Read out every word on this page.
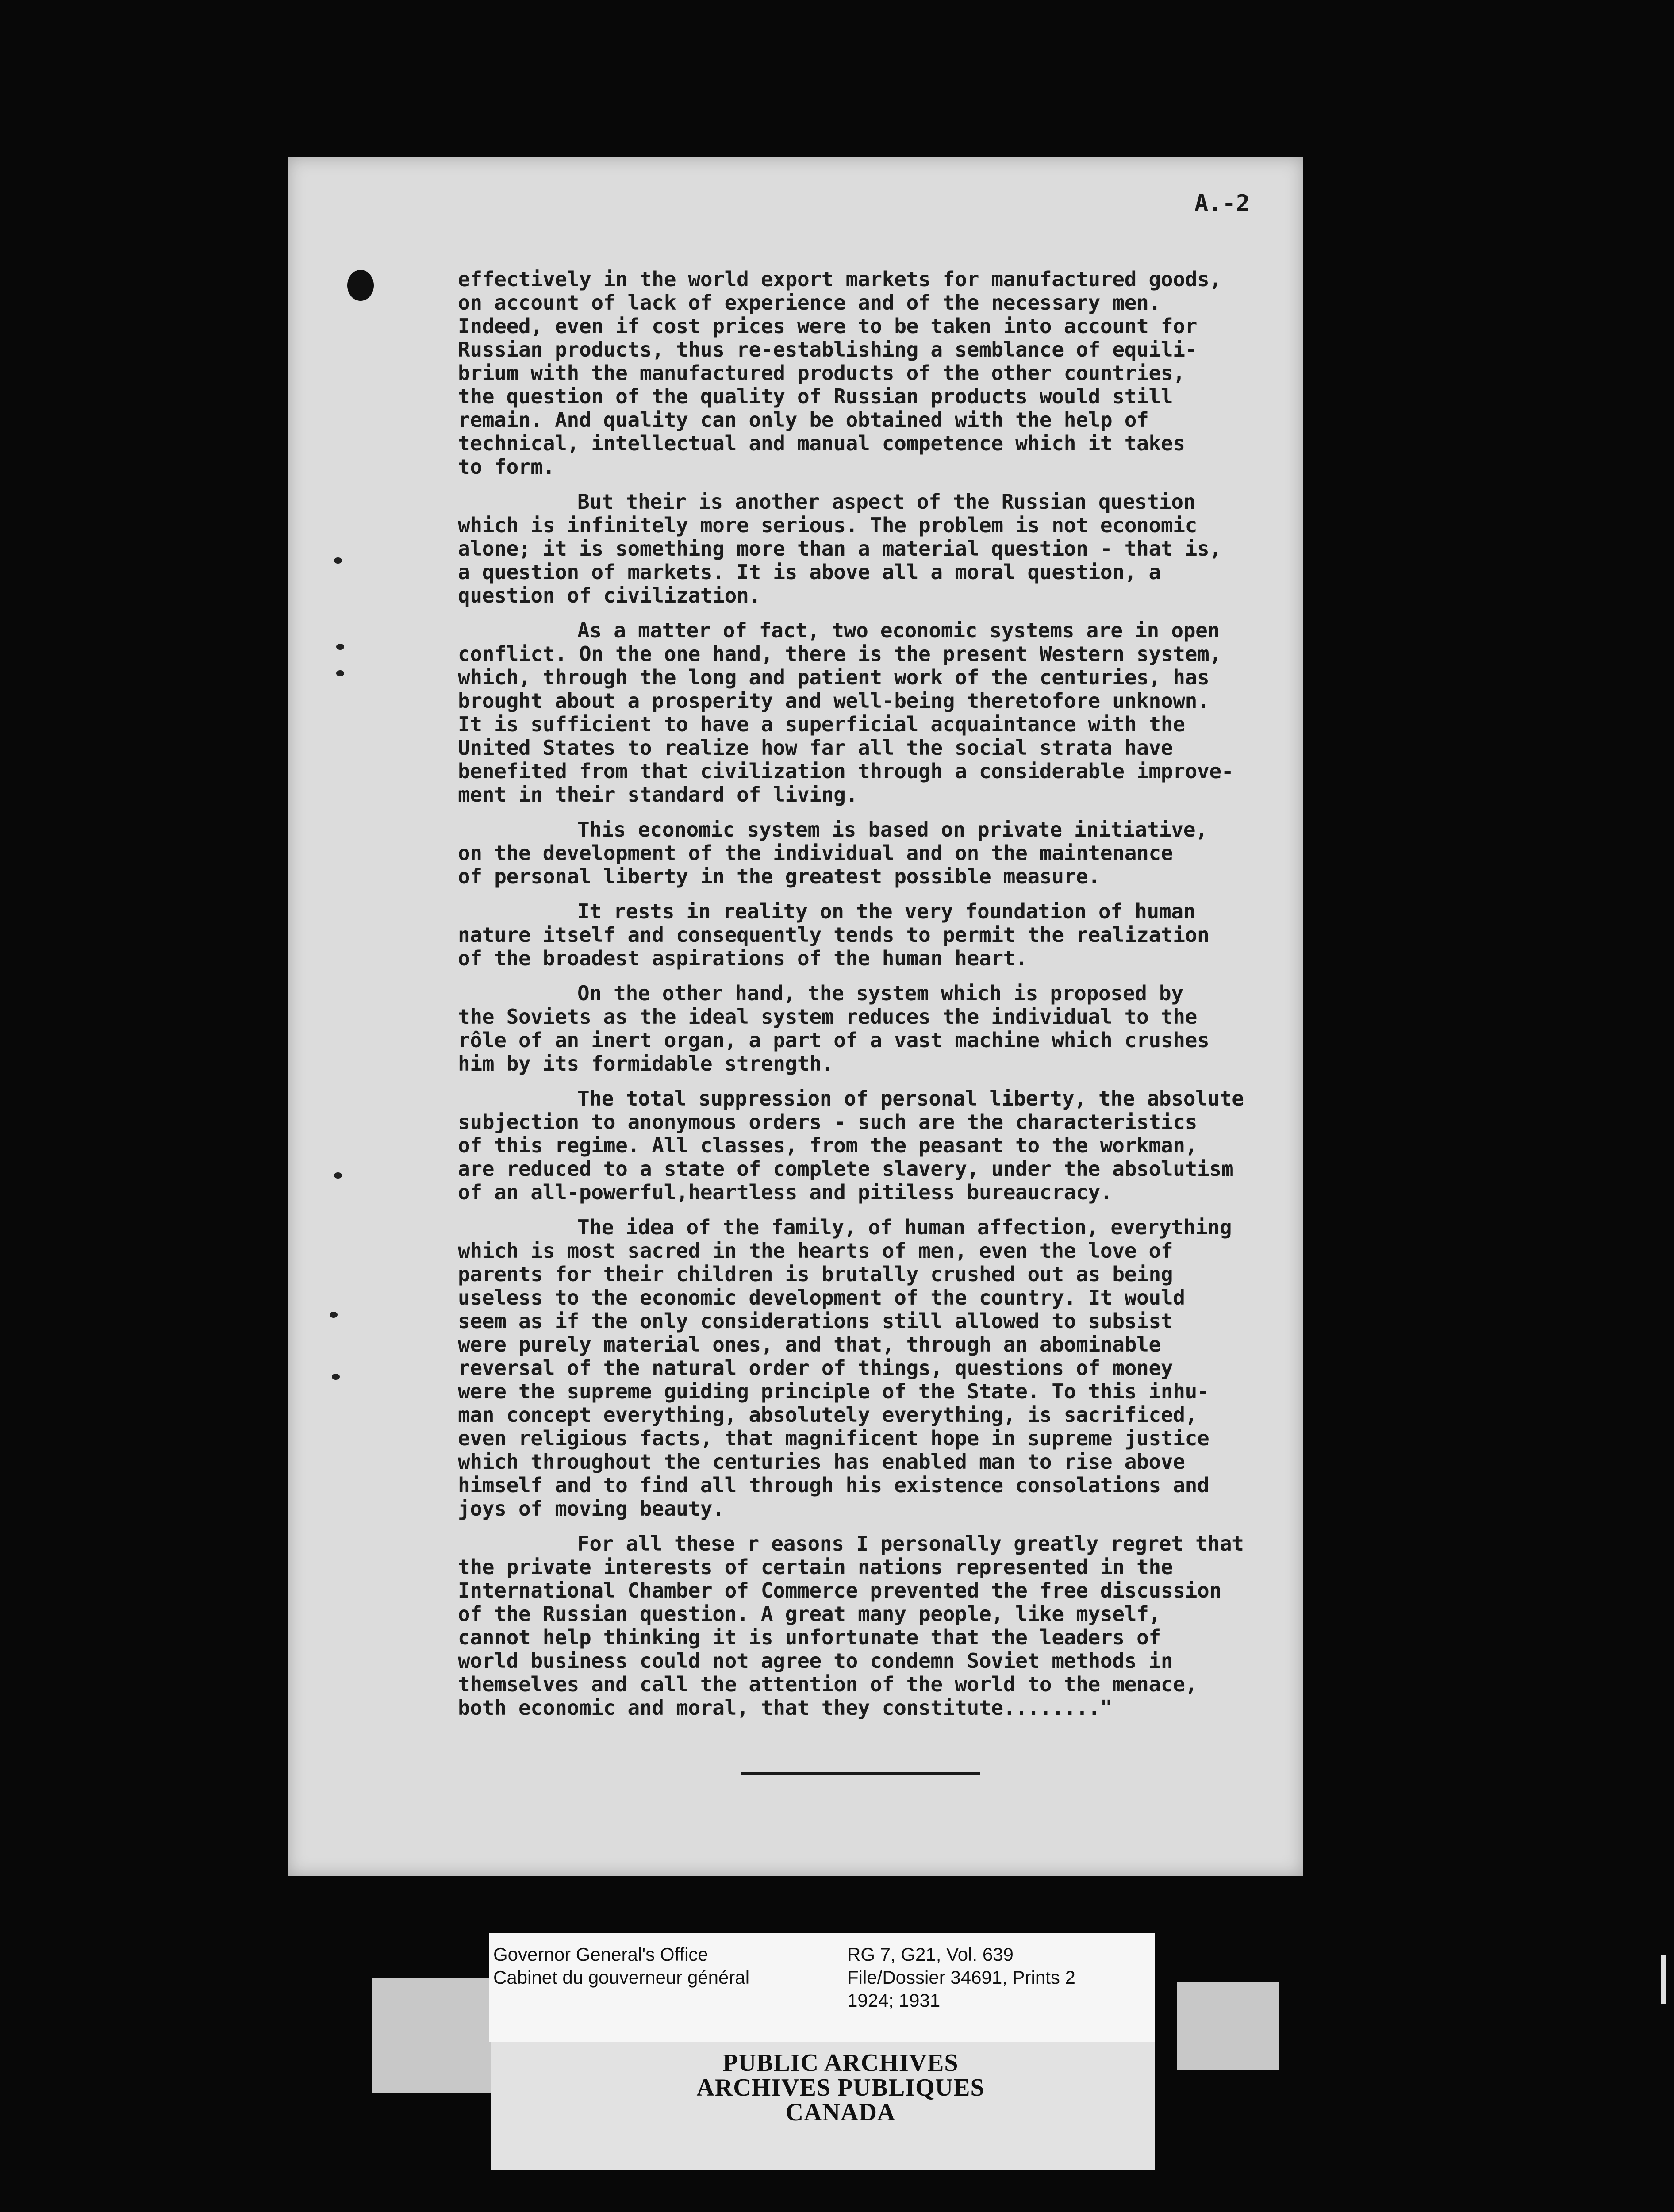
A.-2

effectively in the world export markets for manufactured goods,
on account of lack of experience and of the necessary men.
Indeed, even if cost prices were to be taken into account for
Russian products, thus re-establishing a semblance of equili-
brium with the manufactured products of the other countries,
the question of the quality of Russian products would still
remain. And quality can only be obtained with the help of
technical, intellectual and manual competence which it takes
to form.

But their is another aspect of the Russian question
which is infinitely more serious. The problem is not economic
alone; it is something more than a material question - that is,
a question of markets. It is above all a moral question, a
question of civilization.

As a matter of fact, two economic systems are in open
conflict. On the one hand, there is the present Western system,
which, through the long and patient work of the centuries, has
brought about a prosperity and well-being theretofore unknown.
It is sufficient to have a superficial acquaintance with the
United States to realize how far all the social strata have
benefited from that civilization through a considerable improve-
ment in their standard of living.

This economic system is based on private initiative,
on the development of the individual and on the maintenance
of personal liberty in the greatest possible measure.

It rests in reality on the very foundation of human
nature itself and consequently tends to permit the realization
of the broadest aspirations of the human heart.

On the other hand, the system which is proposed by
the Soviets as the ideal system reduces the individual to the
rôle of an inert organ, a part of a vast machine which crushes
him by its formidable strength.

The total suppression of personal liberty, the absolute
subjection to anonymous orders - such are the characteristics
of this regime. All classes, from the peasant to the workman,
are reduced to a state of complete slavery, under the absolutism
of an all-powerful,heartless and pitiless bureaucracy.

The idea of the family, of human affection, everything
which is most sacred in the hearts of men, even the love of
parents for their children is brutally crushed out as being
useless to the economic development of the country. It would
seem as if the only considerations still allowed to subsist
were purely material ones, and that, through an abominable
reversal of the natural order of things, questions of money
were the supreme guiding principle of the State. To this inhu-
man concept everything, absolutely everything, is sacrificed,
even religious facts, that magnificent hope in supreme justice
which throughout the centuries has enabled man to rise above
himself and to find all through his existence consolations and
joys of moving beauty.

For all these r easons I personally greatly regret that
the private interests of certain nations represented in the
International Chamber of Commerce prevented the free discussion
of the Russian question. A great many people, like myself,
cannot help thinking it is unfortunate that the leaders of
world business could not agree to condemn Soviet methods in
themselves and call the attention of the world to the menace,
both economic and moral, that they constitute........"

Governor General's Office
Cabinet du gouverneur général
RG 7, G21, Vol. 639
File/Dossier 34691, Prints 2
1924; 1931
PUBLIC ARCHIVES
ARCHIVES PUBLIQUES
CANADA
